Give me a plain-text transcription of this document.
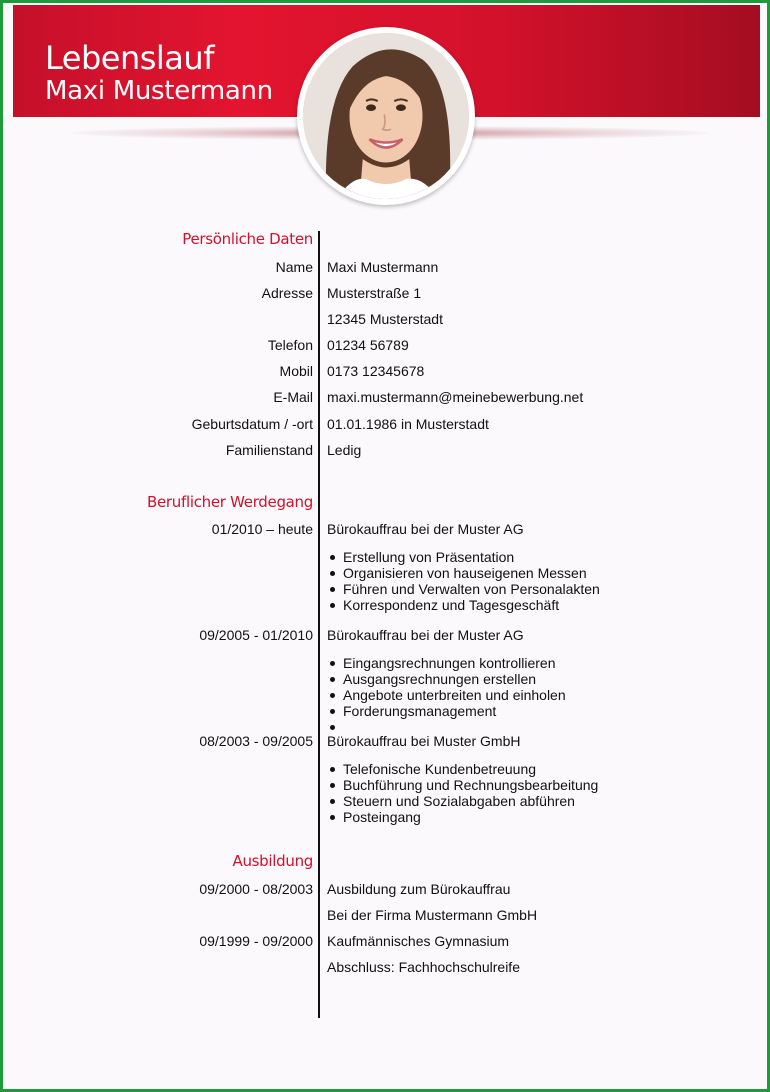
Lebenslauf
Maxi Mustermann
Persönliche Daten
Name Maxi Mustermann
Adresse Musterstraße 1
12345 Musterstadt
Telefon 01234 56789
Mobil 0173 12345678
E-Mail maxi.mustermann@meinebewerbung.net
Geburtsdatum / -ort 01.01.1986 in Musterstadt
Familienstand Ledig
Beruflicher Werdegang
01/2010 – heute Bürokauffrau bei der Muster AG
Erstellung von Präsentation
Organisieren von hauseigenen Messen
Führen und Verwalten von Personalakten
Korrespondenz und Tagesgeschäft
09/2005 - 01/2010 Bürokauffrau bei der Muster AG
Eingangsrechnungen kontrollieren
Ausgangsrechnungen erstellen
Angebote unterbreiten und einholen
Forderungsmanagement
08/2003 - 09/2005 Bürokauffrau bei Muster GmbH
Telefonische Kundenbetreuung
Buchführung und Rechnungsbearbeitung
Steuern und Sozialabgaben abführen
Posteingang
Ausbildung
09/2000 - 08/2003 Ausbildung zum Bürokauffrau
Bei der Firma Mustermann GmbH
09/1999 - 09/2000 Kaufmännisches Gymnasium
Abschluss: Fachhochschulreife
